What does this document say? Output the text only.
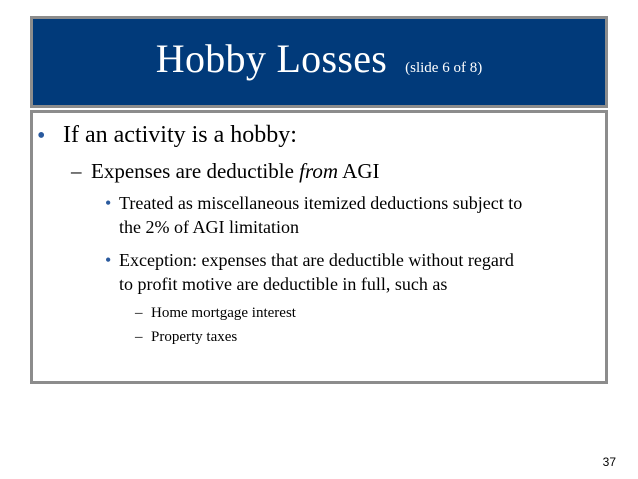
Hobby Losses (slide 6 of 8)
• If an activity is a hobby:
– Expenses are deductible from AGI
• Treated as miscellaneous itemized deductions subject to
the 2% of AGI limitation
• Exception: expenses that are deductible without regard
to profit motive are deductible in full, such as
– Home mortgage interest
– Property taxes
37
